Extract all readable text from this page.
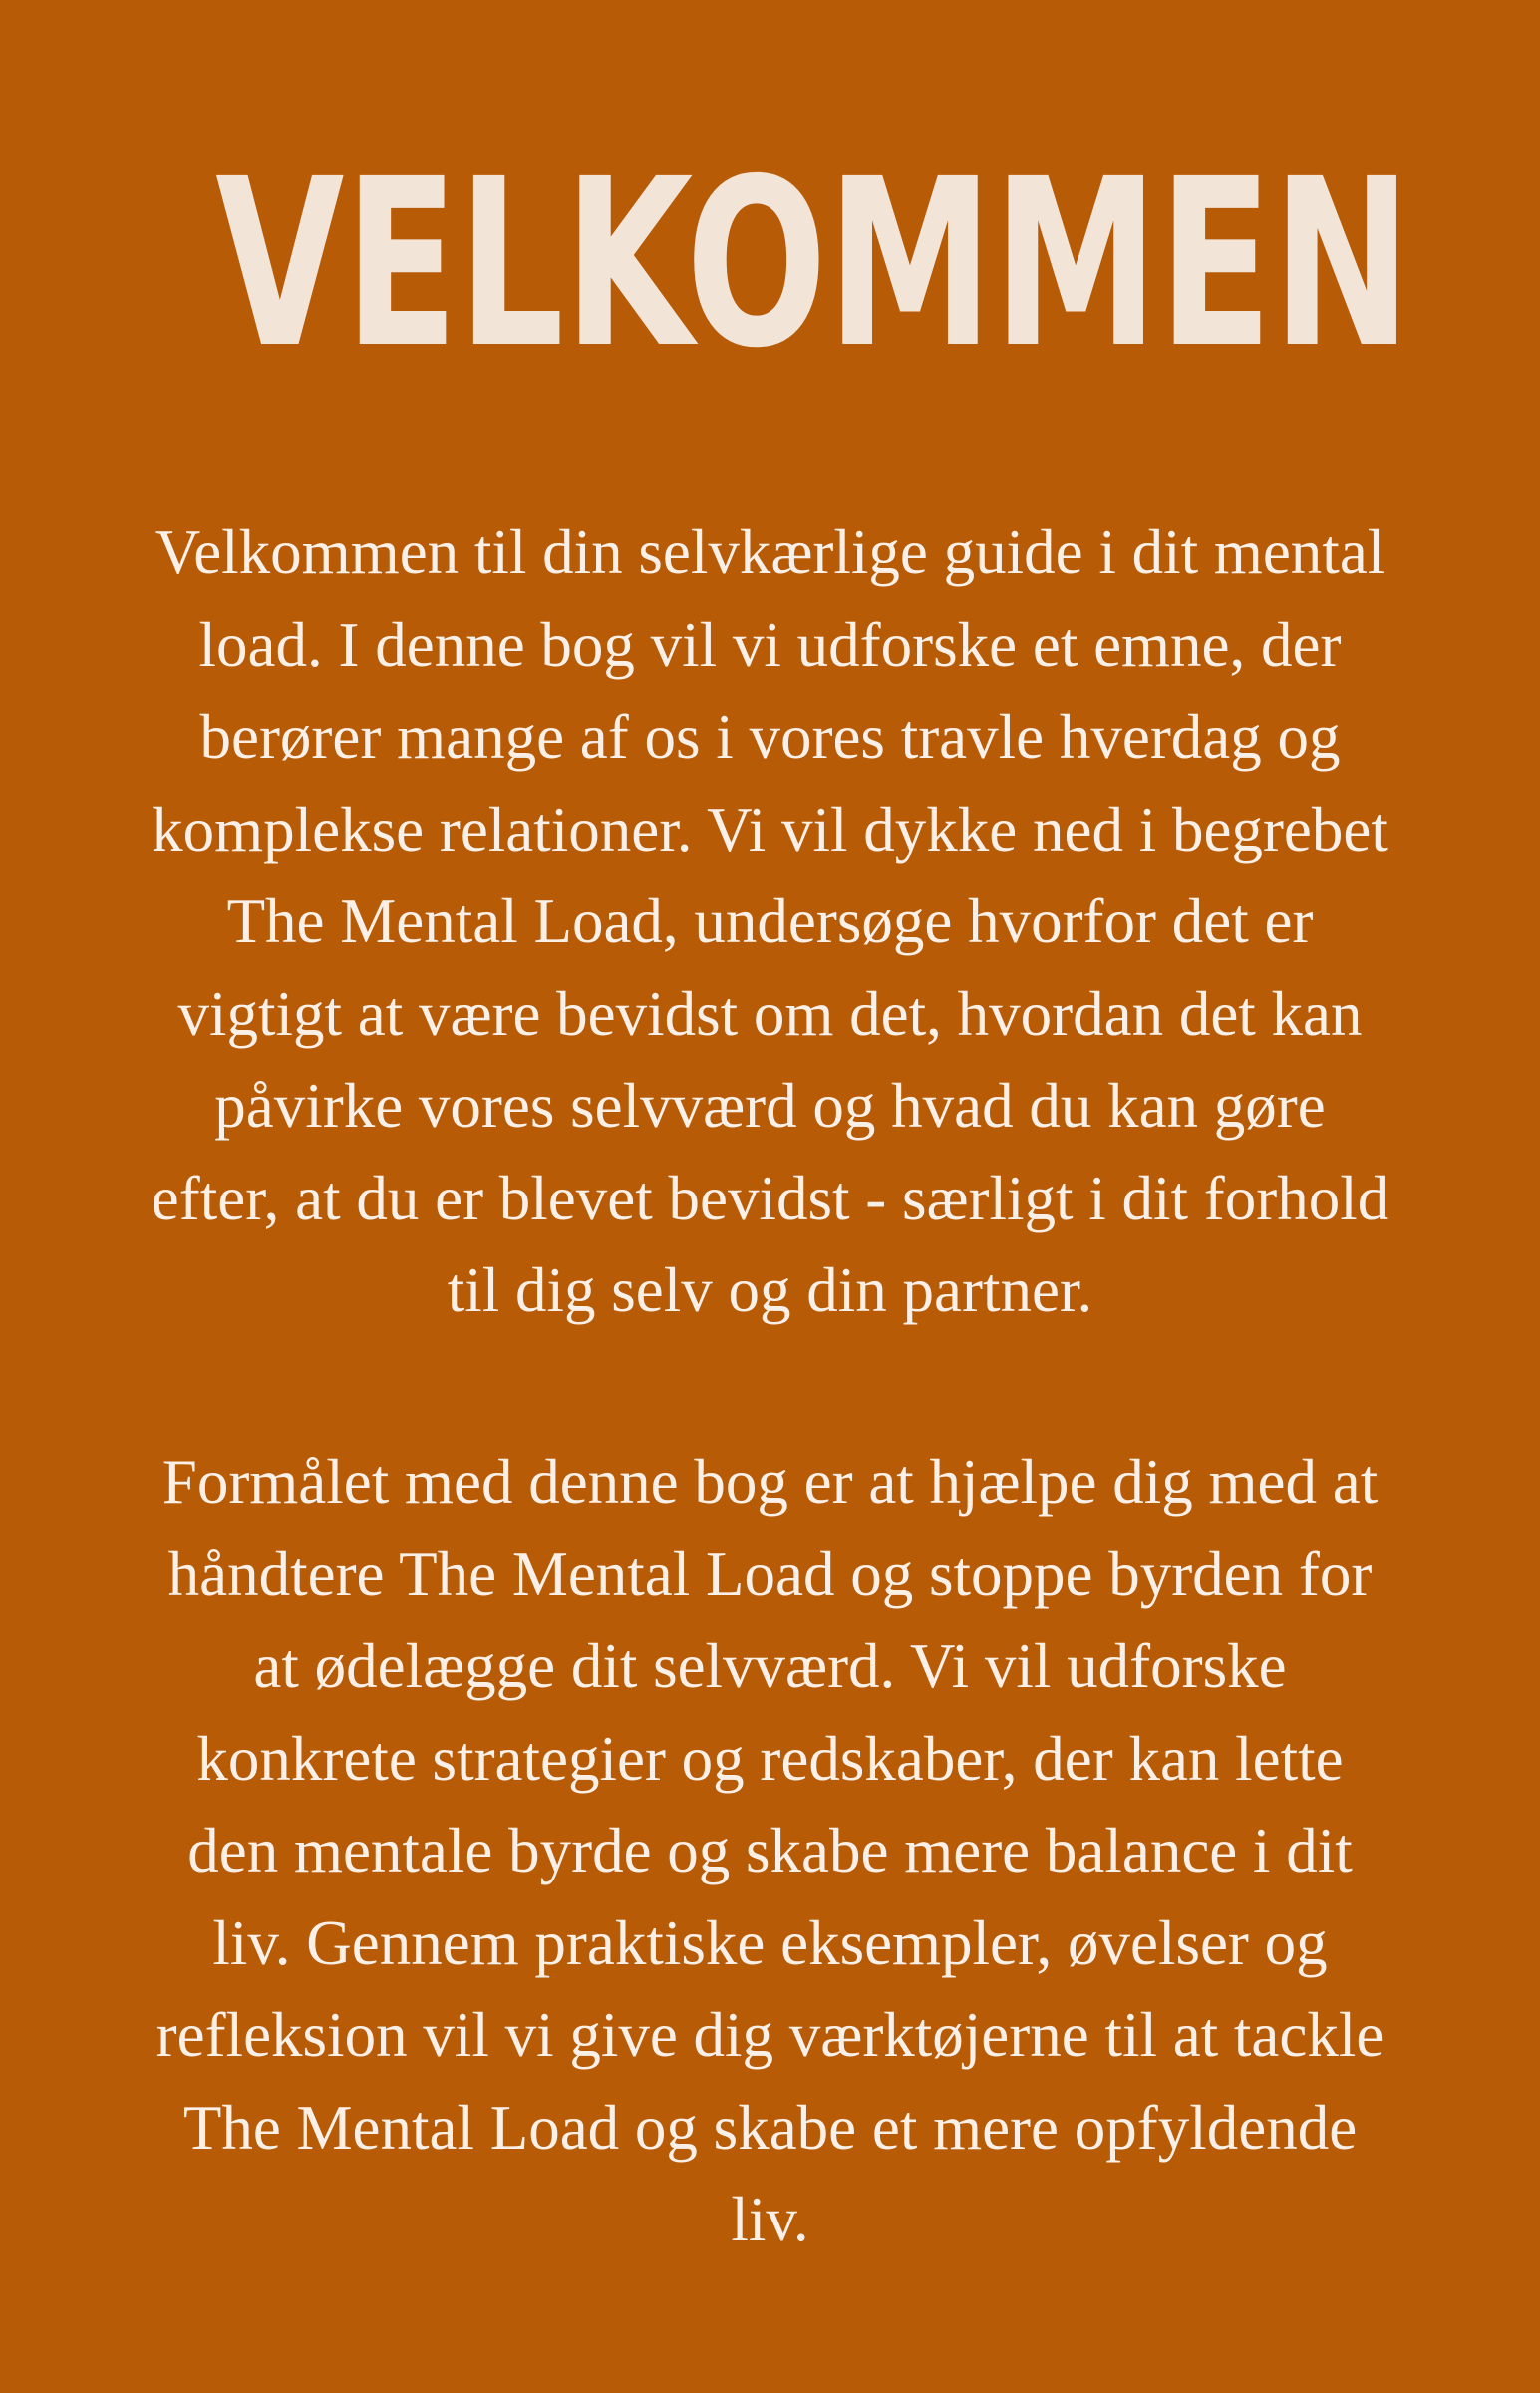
VELKOMMEN

Velkommen til din selvkærlige guide i dit mental
load. I denne bog vil vi udforske et emne, der
berører mange af os i vores travle hverdag og
komplekse relationer. Vi vil dykke ned i begrebet
The Mental Load, undersøge hvorfor det er
vigtigt at være bevidst om det, hvordan det kan
påvirke vores selvværd og hvad du kan gøre
efter, at du er blevet bevidst - særligt i dit forhold
til dig selv og din partner.

Formålet med denne bog er at hjælpe dig med at
håndtere The Mental Load og stoppe byrden for
at ødelægge dit selvværd. Vi vil udforske
konkrete strategier og redskaber, der kan lette
den mentale byrde og skabe mere balance i dit
liv. Gennem praktiske eksempler, øvelser og
refleksion vil vi give dig værktøjerne til at tackle
The Mental Load og skabe et mere opfyldende
liv.
